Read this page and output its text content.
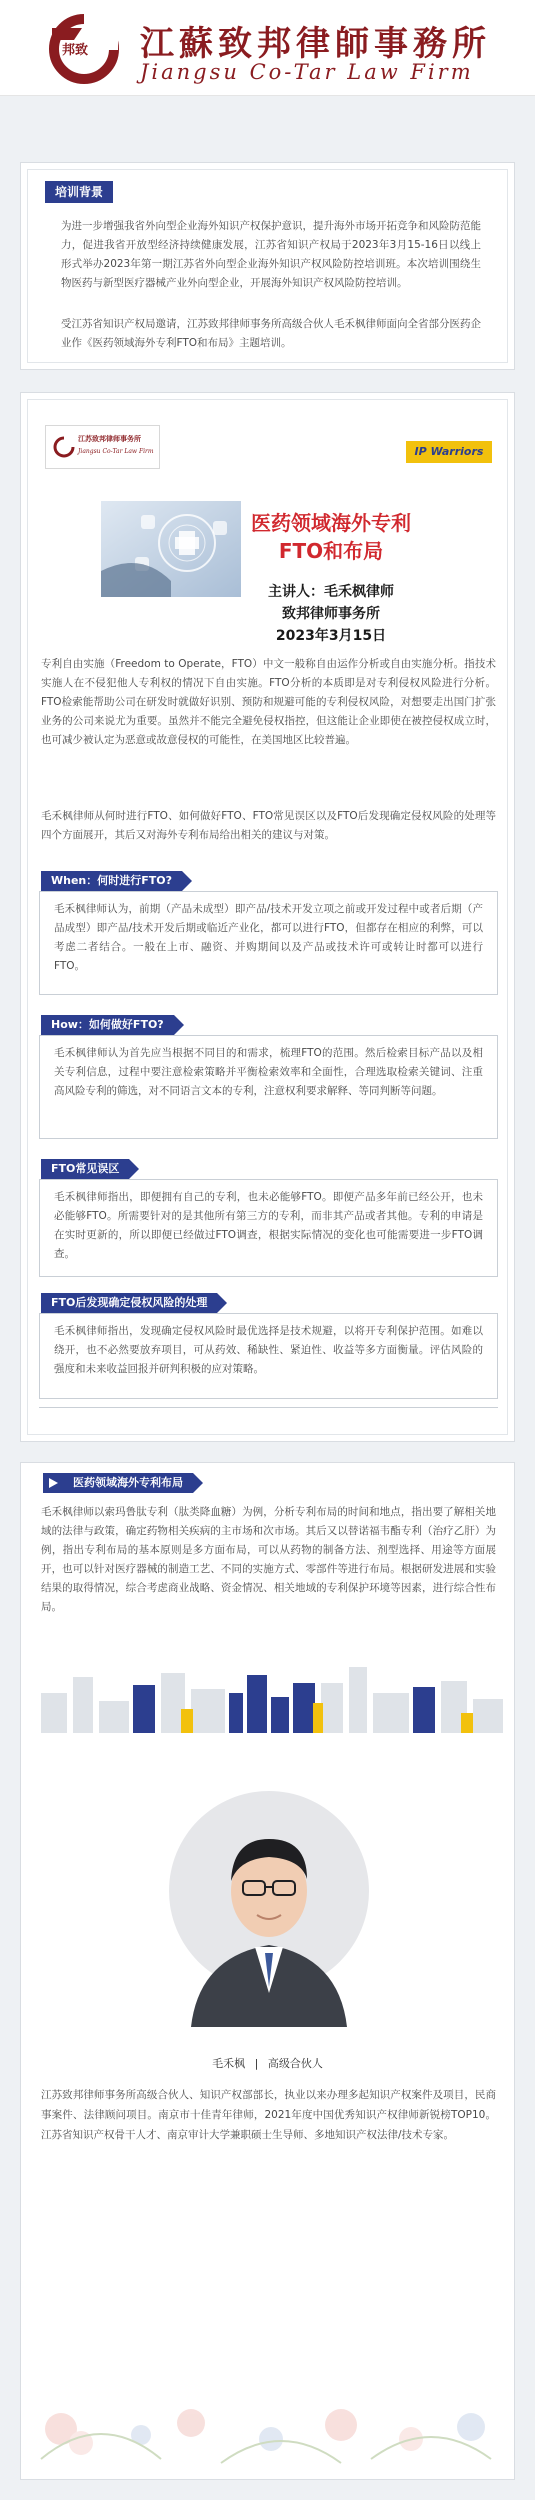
邦致 江蘇致邦律師事務所
Jiangsu Co-Tar Law Firm
培训背景
为进一步增强我省外向型企业海外知识产权保护意识，提升海外市场开拓竞争和风险防范能力，促进我省开放型经济持续健康发展，江苏省知识产权局于2023年3月15-16日以线上形式举办2023年第一期江苏省外向型企业海外知识产权风险防控培训班。本次培训围绕生物医药与新型医疗器械产业外向型企业，开展海外知识产权风险防控培训。
受江苏省知识产权局邀请，江苏致邦律师事务所高级合伙人毛禾枫律师面向全省部分医药企业作《医药领域海外专利FTO和布局》主题培训。
江苏致邦律师事务所
Jiangsu Co-Tar Law Firm	IP Warriors
医药领域海外专利
FTO和布局
主讲人：毛禾枫律师
致邦律师事务所
2023年3月15日
专利自由实施（Freedom to Operate，FTO）中文一般称自由运作分析或自由实施分析。指技术实施人在不侵犯他人专利权的情况下自由实施。FTO分析的本质即是对专利侵权风险进行分析。FTO检索能帮助公司在研发时就做好识别、预防和规避可能的专利侵权风险，对想要走出国门扩张业务的公司来说尤为重要。虽然并不能完全避免侵权指控，但这能让企业即使在被控侵权成立时，也可减少被认定为恶意或故意侵权的可能性，在美国地区比较普遍。
毛禾枫律师从何时进行FTO、如何做好FTO、FTO常见误区以及FTO后发现确定侵权风险的处理等四个方面展开，其后又对海外专利布局给出相关的建议与对策。
When：何时进行FTO?
毛禾枫律师认为，前期（产品未成型）即产品/技术开发立项之前或开发过程中或者后期（产品成型）即产品/技术开发后期或临近产业化，都可以进行FTO，但都存在相应的利弊，可以考虑二者结合。一般在上市、融资、并购期间以及产品或技术许可或转让时都可以进行FTO。
How：如何做好FTO?
毛禾枫律师认为首先应当根据不同目的和需求，梳理FTO的范围。然后检索目标产品以及相关专利信息，过程中要注意检索策略并平衡检索效率和全面性，合理选取检索关键词、注重高风险专利的筛选，对不同语言文本的专利，注意权利要求解释、等同判断等问题。
FTO常见误区
毛禾枫律师指出，即便拥有自己的专利，也未必能够FTO。即便产品多年前已经公开，也未必能够FTO。所需要针对的是其他所有第三方的专利，而非其产品或者其他。专利的申请是在实时更新的，所以即便已经做过FTO调查，根据实际情况的变化也可能需要进一步FTO调查。
FTO后发现确定侵权风险的处理
毛禾枫律师指出，发现确定侵权风险时最优选择是技术规避，以将开专利保护范围。如难以绕开，也不必然要放弃项目，可从药效、稀缺性、紧迫性、收益等多方面衡量。评估风险的强度和未来收益回报并研判积极的应对策略。
医药领域海外专利布局
毛禾枫律师以索玛鲁肽专利（肽类降血糖）为例，分析专利布局的时间和地点，指出要了解相关地域的法律与政策，确定药物相关疾病的主市场和次市场。其后又以替诺福韦酯专利（治疗乙肝）为例，指出专利布局的基本原则是多方面布局，可以从药物的制备方法、剂型选择、用途等方面展开，也可以针对医疗器械的制造工艺、不同的实施方式、零部件等进行布局。根据研发进展和实验结果的取得情况，综合考虑商业战略、资金情况、相关地域的专利保护环境等因素，进行综合性布局。
毛禾枫 | 高级合伙人
江苏致邦律师事务所高级合伙人、知识产权部部长，执业以来办理多起知识产权案件及项目，民商事案件、法律顾问项目。南京市十佳青年律师，2021年度中国优秀知识产权律师新锐榜TOP10。江苏省知识产权骨干人才、南京审计大学兼职硕士生导师、多地知识产权法律/技术专家。
